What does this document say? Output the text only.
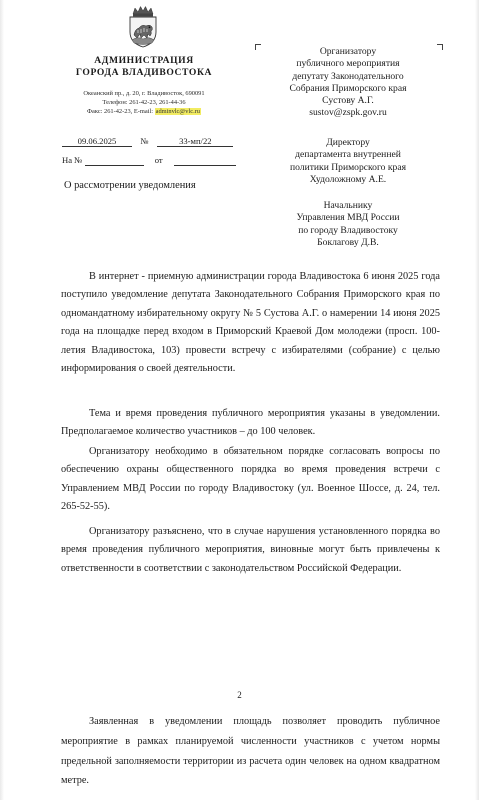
АДМИНИСТРАЦИЯ
ГОРОДА ВЛАДИВОСТОКА
Океанский пр., д. 20, г. Владивосток, 690091
Телефон: 261-42-23, 261-44-36
Факс: 261-42-23, E-mail: adminvlc@vlc.ru
09.06.2025	№	33-мп/22
На №	от
О рассмотрении уведомления
Организатору
публичного мероприятия
депутату Законодательного
Собрания Приморского края
Сустову А.Г.
sustov@zspk.gov.ru
Директору
департамента внутренней
политики Приморского края
Худоложному А.Е.
Начальнику
Управления МВД России
по городу Владивостоку
Боклагову Д.В.
В интернет - приемную администрации города Владивостока 6 июня 2025 года поступило уведомление депутата Законодательного Собрания Приморского края по одномандатному избирательному округу № 5 Сустова А.Г. о намерении 14 июня 2025 года на площадке перед входом в Приморский Краевой Дом молодежи (просп. 100-летия Владивостока, 103) провести встречу с избирателями (собрание) с целью информирования о своей деятельности.
Тема и время проведения публичного мероприятия указаны в уведомлении. Предполагаемое количество участников – до 100 человек.
Организатору необходимо в обязательном порядке согласовать вопросы по обеспечению охраны общественного порядка во время проведения встречи с Управлением МВД России по городу Владивостоку (ул. Военное Шоссе, д. 24, тел. 265-52-55).
Организатору разъяснено, что в случае нарушения установленного порядка во время проведения публичного мероприятия, виновные могут быть привлечены к ответственности в соответствии с законодательством Российской Федерации.
2
Заявленная в уведомлении площадь позволяет проводить публичное мероприятие в рамках планируемой численности участников с учетом нормы предельной заполняемости территории из расчета один человек на одном квадратном метре.
